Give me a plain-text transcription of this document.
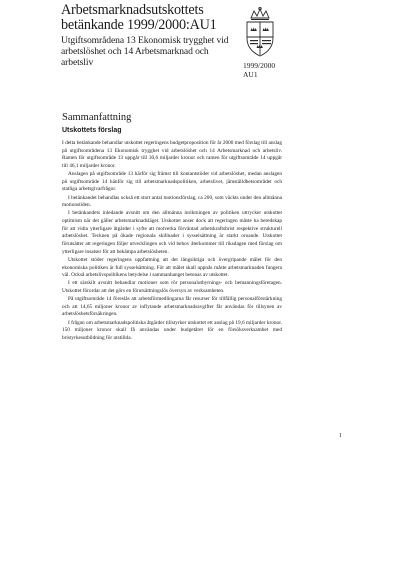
Arbetsmarknadsutskottets betänkande 1999/2000:AU1
Utgiftsområdena 13 Ekonomisk trygghet vid arbetslöshet och 14 Arbetsmarknad och arbetsliv	1999/2000
AU1
Sammanfattning
Utskottets förslag

I detta betänkande behandlar utskottet regeringens budgetproposition för år 2000 med förslag till anslag på utgiftsområdena 13 Ekonomisk trygghet vid arbetslöshet och 14 Arbetsmarknad och arbetsliv. Ramen för utgiftsområde 13 uppgår till 30,6 miljarder kronor och ramen för utgiftsområde 14 uppgår till 46,1 miljarder kronor.

Anslagen på utgiftsområde 13 härför sig främst till kontantstödet vid arbetslöshet, medan anslagen på utgiftsområde 14 hänför sig till arbetsmarknadspolitiken, arbetslivet, jämställdhetsområdet och statliga arbetsgivarfrågor.

I betänkandet behandlas också ett stort antal motionsförslag, ca 200, som väckts under den allmänna motionstiden.

I betänkandets inledande avsnitt om den allmänna inriktningen av politiken uttrycker utskottet optimism när det gäller arbetsmarknadsläget. Utskottet anser dock att regeringen måste ha beredskap för att vidta ytterligare åtgärder i syfte att motverka förväntad arbetskraftsbrist respektive strukturell arbetslöshet. Tecknen på ökade regionala skillnader i sysselsättning är starkt oroande. Utskottet förutsätter att regeringen följer utvecklingen och vid behov återkommer till riksdagen med förslag om ytterligare insatser för att bekämpa arbetslösheten.

Utskottet stöder regeringens uppfattning att det långsiktiga och övergripande målet för den ekonomiska politiken är full sysselsättning. För att målet skall uppnås måste arbetsmarknaden fungera väl. Också arbetslivspolitikens betydelse i sammanhanget betonas av utskottet.

I ett särskilt avsnitt behandlar motioner som rör personalutbyrnings- och bemanningsföretagen. Utskottet förordar att det görs en förutsättningslös översyn av verksamheten.

På utgiftsområde 14 föreslås att arbetsförmedlingarna får resurser för tillfällig personalförstärkning och att 14,65 miljoner kronor av inflytande arbetsmarknadsavgifter får användas för tillsynen av arbetslöshetsförsäkringen.

I frågan om arbetsmarknadspolitiska åtgärder tillstyrker utskottet ett anslag på 19,6 miljarder kronor. 150 miljoner kronor skall få användas under budgetåret för en försöksverksamhet med bristyrkesutbildning för utstillda.

1
